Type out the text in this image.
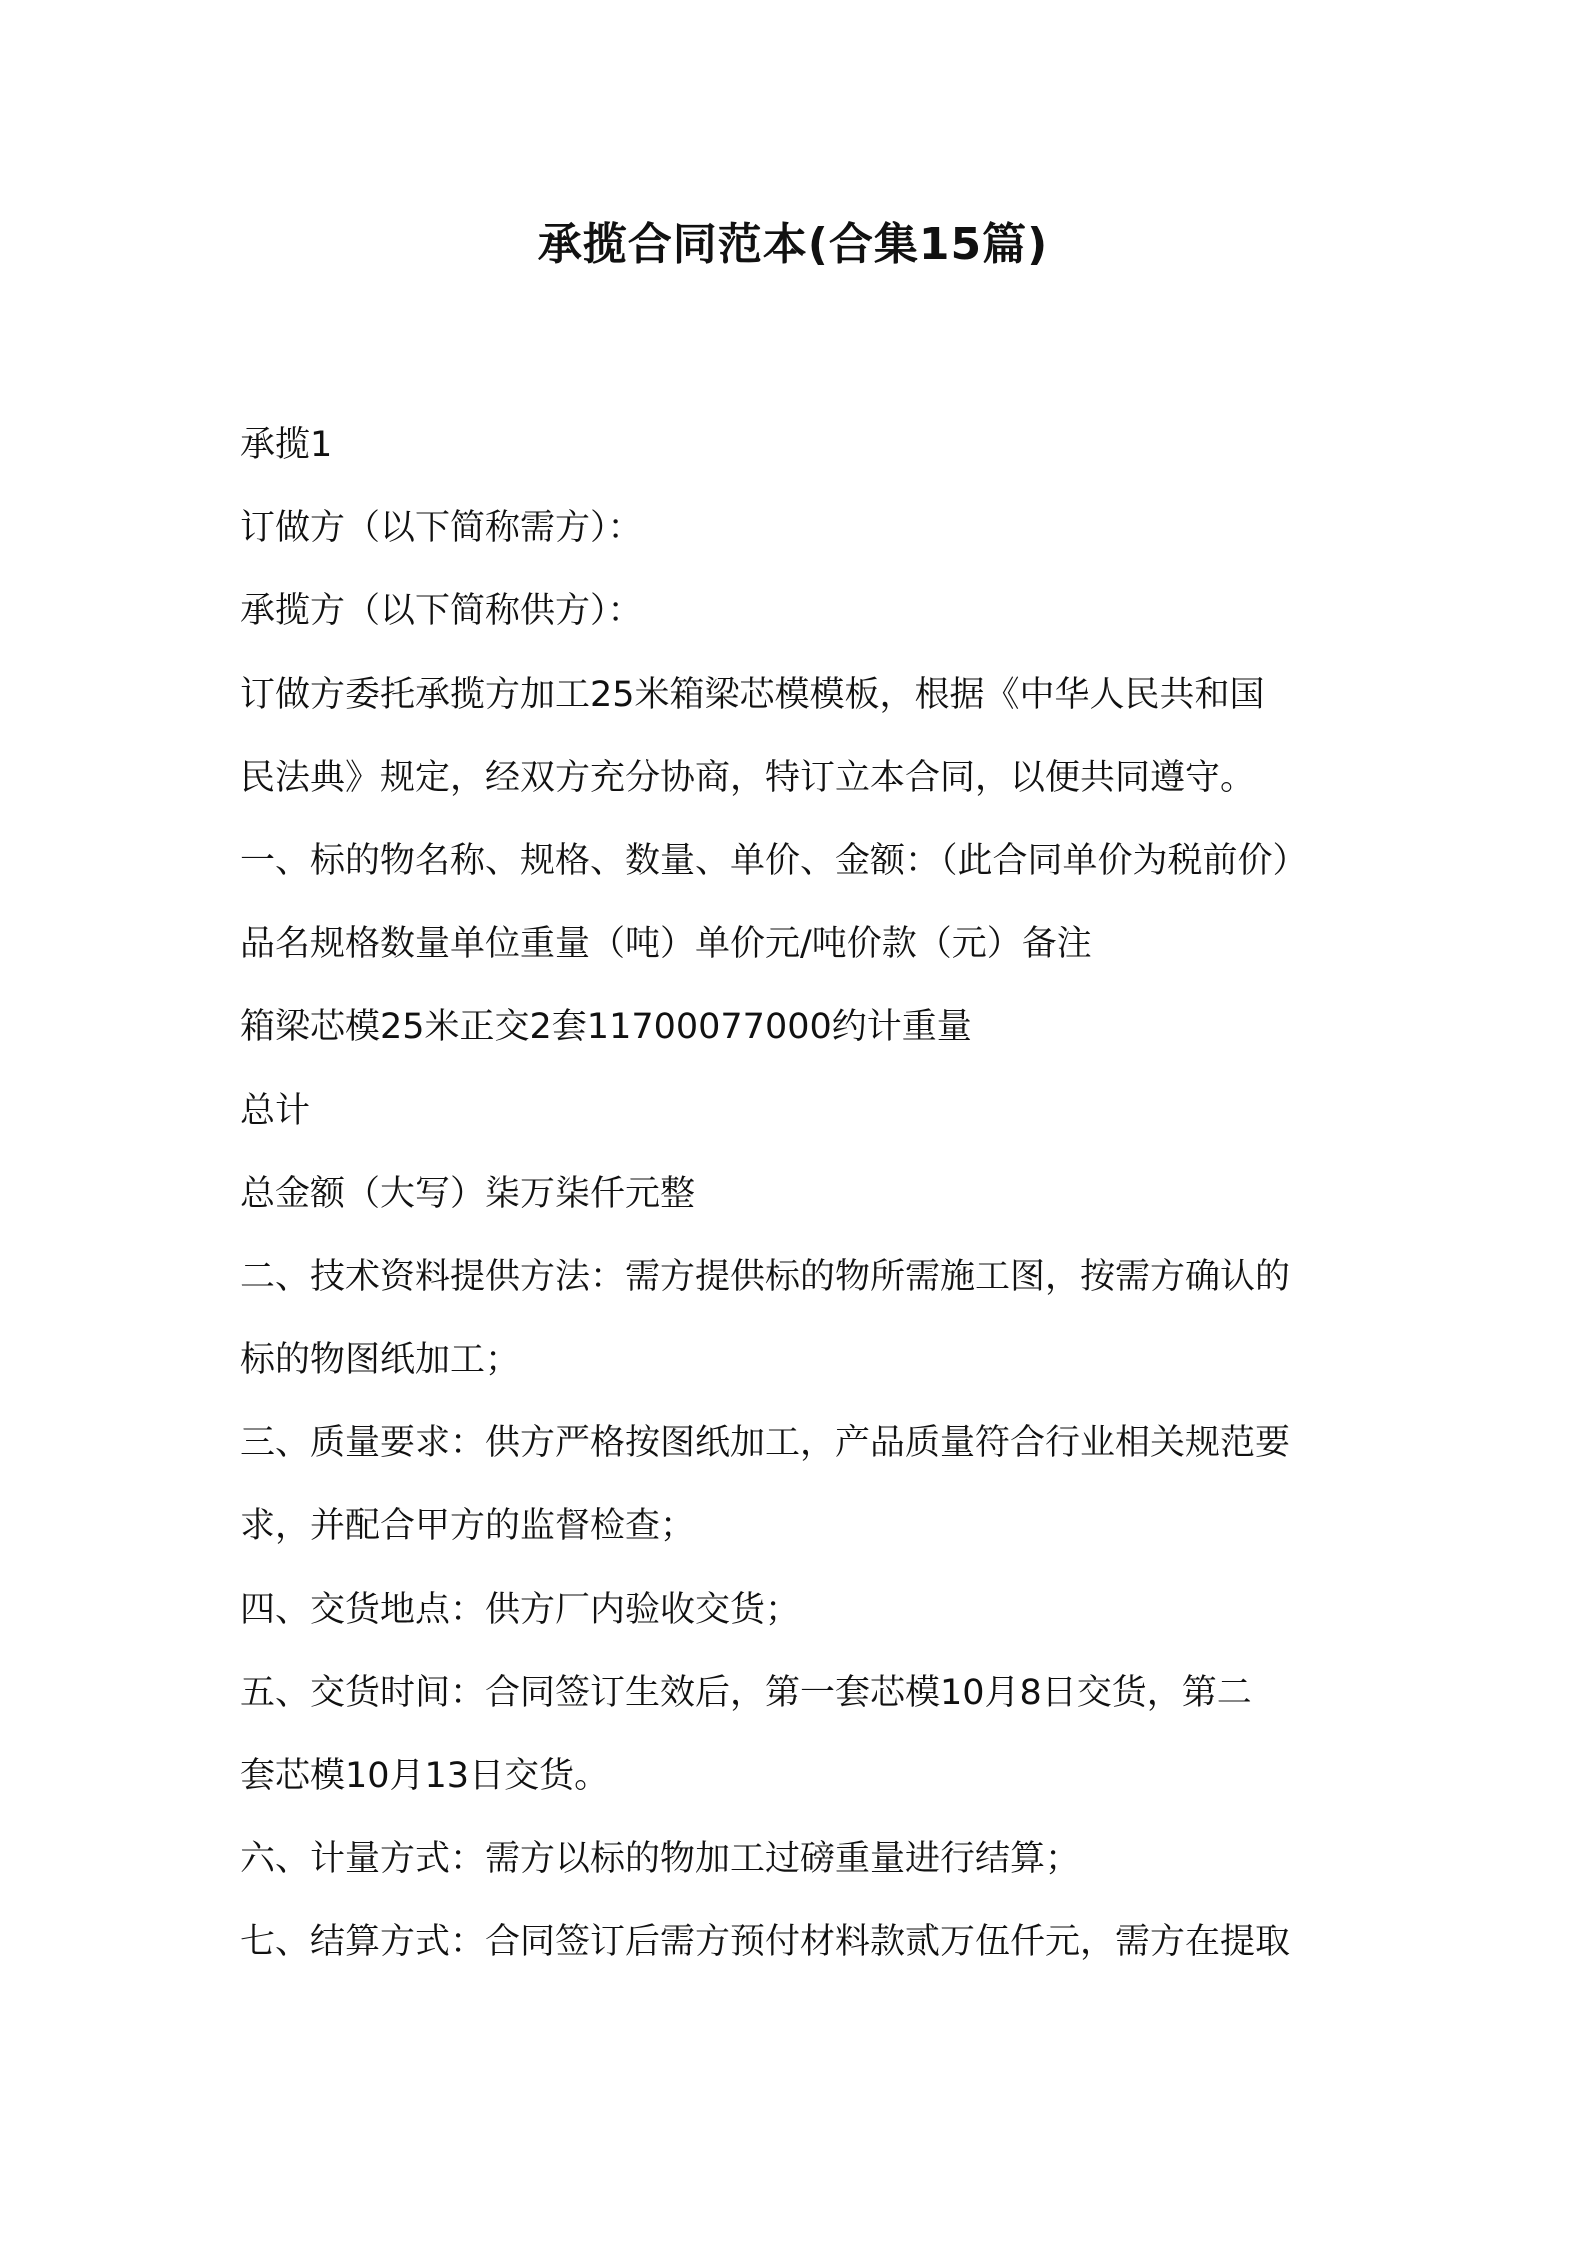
承揽合同范本(合集15篇)
承揽1
订做方（以下简称需方）：
承揽方（以下简称供方）：
订做方委托承揽方加工25米箱梁芯模模板，根据《中华人民共和国
民法典》规定，经双方充分协商，特订立本合同，以便共同遵守。
一、标的物名称、规格、数量、单价、金额：（此合同单价为税前价）
品名规格数量单位重量（吨）单价元/吨价款（元）备注
箱梁芯模25米正交2套11700077000约计重量
总计
总金额（大写）柒万柒仟元整
二、技术资料提供方法：需方提供标的物所需施工图，按需方确认的
标的物图纸加工；
三、质量要求：供方严格按图纸加工，产品质量符合行业相关规范要
求，并配合甲方的监督检查；
四、交货地点：供方厂内验收交货；
五、交货时间：合同签订生效后，第一套芯模10月8日交货，第二
套芯模10月13日交货。
六、计量方式：需方以标的物加工过磅重量进行结算；
七、结算方式：合同签订后需方预付材料款贰万伍仟元，需方在提取
